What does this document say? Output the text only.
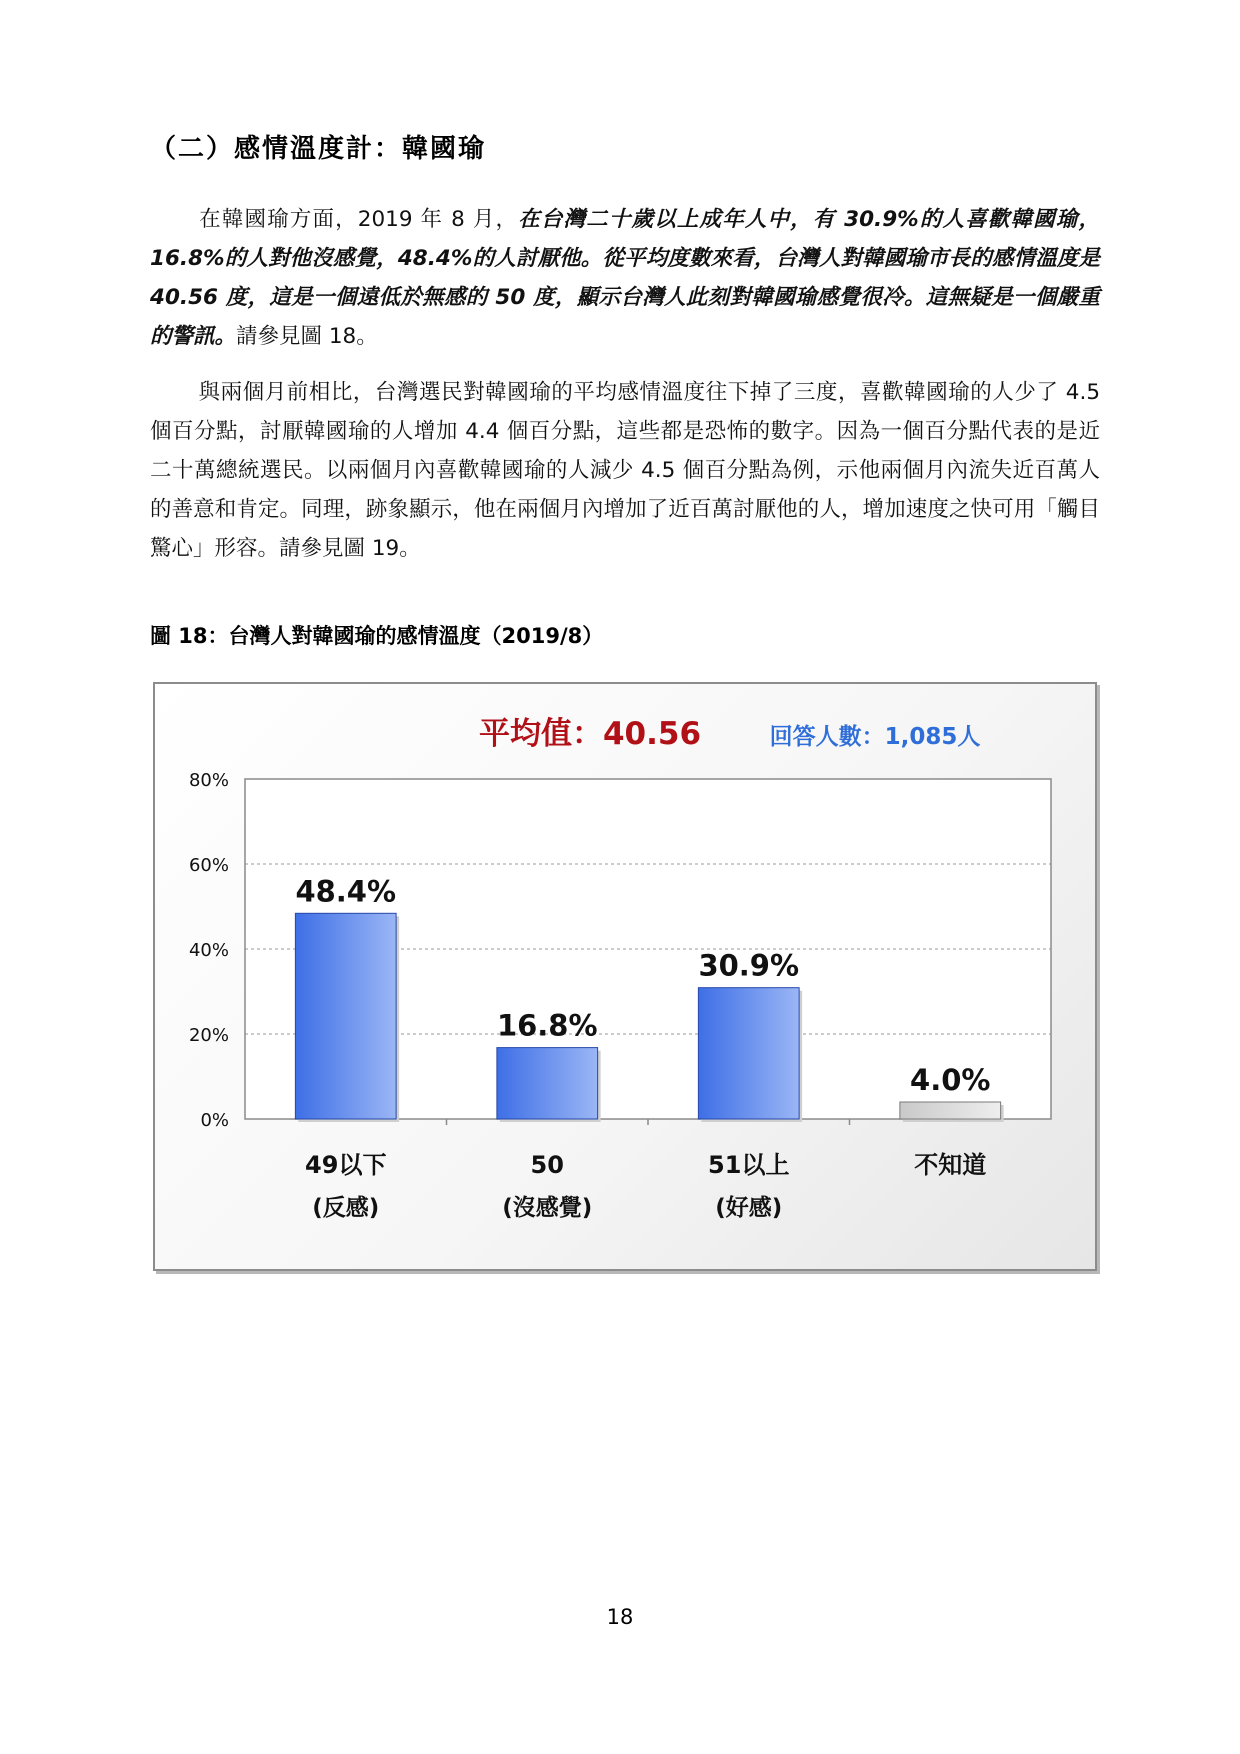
（二）感情溫度計：韓國瑜

在韓國瑜方面，2019 年 8 月，在台灣二十歲以上成年人中，有 30.9%的人喜歡韓國瑜，16.8%的人對他沒感覺，48.4%的人討厭他。從平均度數來看，台灣人對韓國瑜市長的感情溫度是 40.56 度，這是一個遠低於無感的 50 度，顯示台灣人此刻對韓國瑜感覺很冷。這無疑是一個嚴重的警訊。請參見圖 18。

與兩個月前相比，台灣選民對韓國瑜的平均感情溫度往下掉了三度，喜歡韓國瑜的人少了 4.5 個百分點，討厭韓國瑜的人增加 4.4 個百分點，這些都是恐怖的數字。因為一個百分點代表的是近二十萬總統選民。以兩個月內喜歡韓國瑜的人減少 4.5 個百分點為例，示他兩個月內流失近百萬人的善意和肯定。同理，跡象顯示，他在兩個月內增加了近百萬討厭他的人，增加速度之快可用「觸目驚心」形容。請參見圖 19。

圖 18：台灣人對韓國瑜的感情溫度（2019/8）

平均值：40.56	回答人數：1,085人
0%
20%
40%
60%
80%
48.4%
49以下
(反感)
16.8%
50
(沒感覺)
30.9%
51以上
(好感)
4.0%
不知道
18
